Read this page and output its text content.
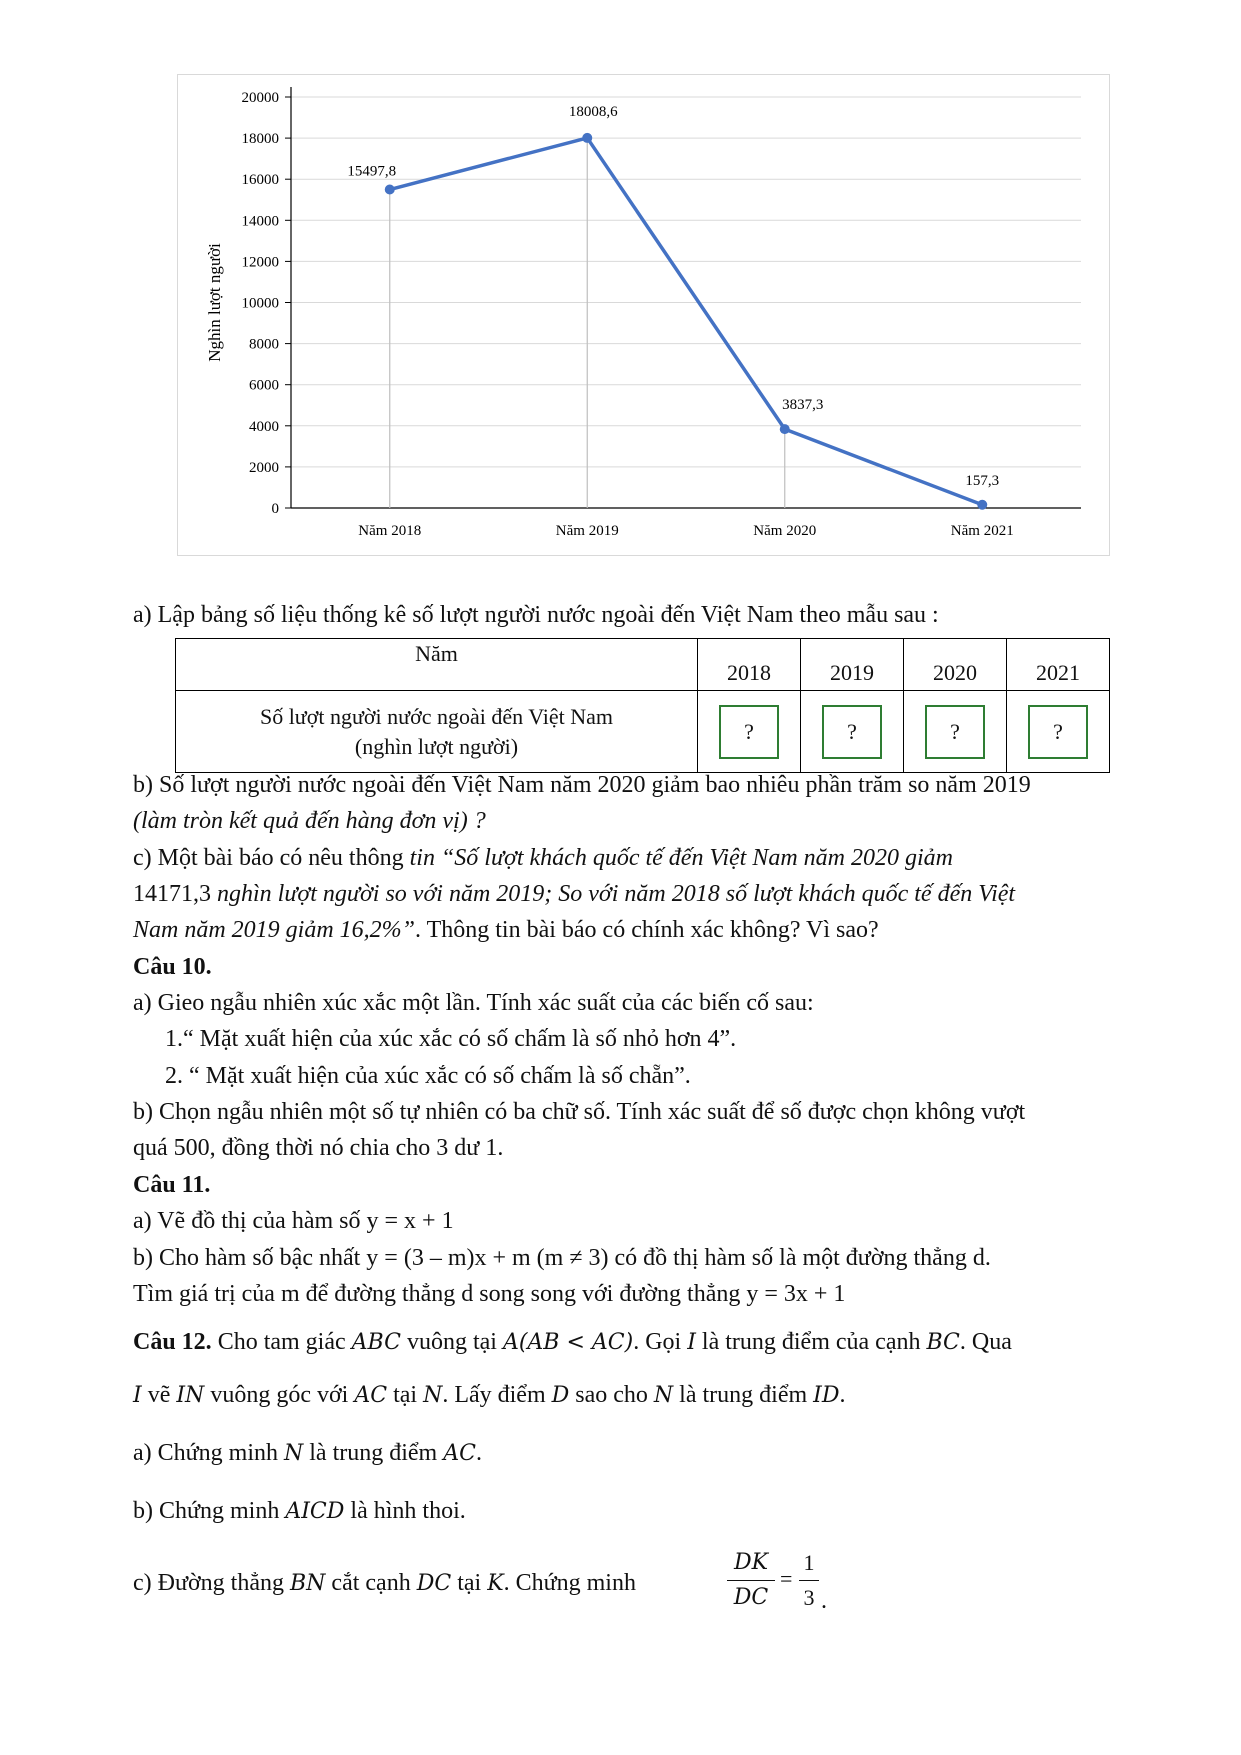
0
2000
4000
6000
8000
10000
12000
14000
16000
18000
20000
Nghìn lượt người
Năm 2018	Năm 2019	Năm 2020	Năm 2021
15497,8
18008,6
3837,3
157,3
a) Lập bảng số liệu thống kê số lượt người nước ngoài đến Việt Nam theo mẫu sau :
Năm	2018	2019	2020	2021

Số lượt người nước ngoài đến Việt Nam
(nghìn lượt người)	?	?	?	?
b) Số lượt người nước ngoài đến Việt Nam năm 2020 giảm bao nhiêu phần trăm so năm 2019
(làm tròn kết quả đến hàng đơn vị) ?
c) Một bài báo có nêu thông tin “Số lượt khách quốc tế đến Việt Nam năm 2020 giảm
14171,3 nghìn lượt người so với năm 2019; So với năm 2018 số lượt khách quốc tế đến Việt
Nam năm 2019 giảm 16,2%”. Thông tin bài báo có chính xác không? Vì sao?
Câu 10.
a) Gieo ngẫu nhiên xúc xắc một lần. Tính xác suất của các biến cố sau:
1.“ Mặt xuất hiện của xúc xắc có số chấm là số nhỏ hơn 4”.
2. “ Mặt xuất hiện của xúc xắc có số chấm là số chẵn”.
b) Chọn ngẫu nhiên một số tự nhiên có ba chữ số. Tính xác suất để số được chọn không vượt
quá 500, đồng thời nó chia cho 3 dư 1.
Câu 11.
a) Vẽ đồ thị của hàm số y = x + 1
b) Cho hàm số bậc nhất y = (3 – m)x + m (m ≠ 3) có đồ thị hàm số là một đường thẳng d.
Tìm giá trị của m để đường thẳng d song song với đường thẳng y = 3x + 1
Câu 12. Cho tam giác ABC vuông tại A(AB < AC). Gọi I là trung điểm của cạnh BC. Qua
I vẽ IN vuông góc với AC tại N. Lấy điểm D sao cho N là trung điểm ID.
a) Chứng minh N là trung điểm AC.
b) Chứng minh AICD là hình thoi.
c) Đường thẳng BN cắt cạnh DC tại K. Chứng minh	$\frac{DK}{DC} = \frac{1}{3}$ .
